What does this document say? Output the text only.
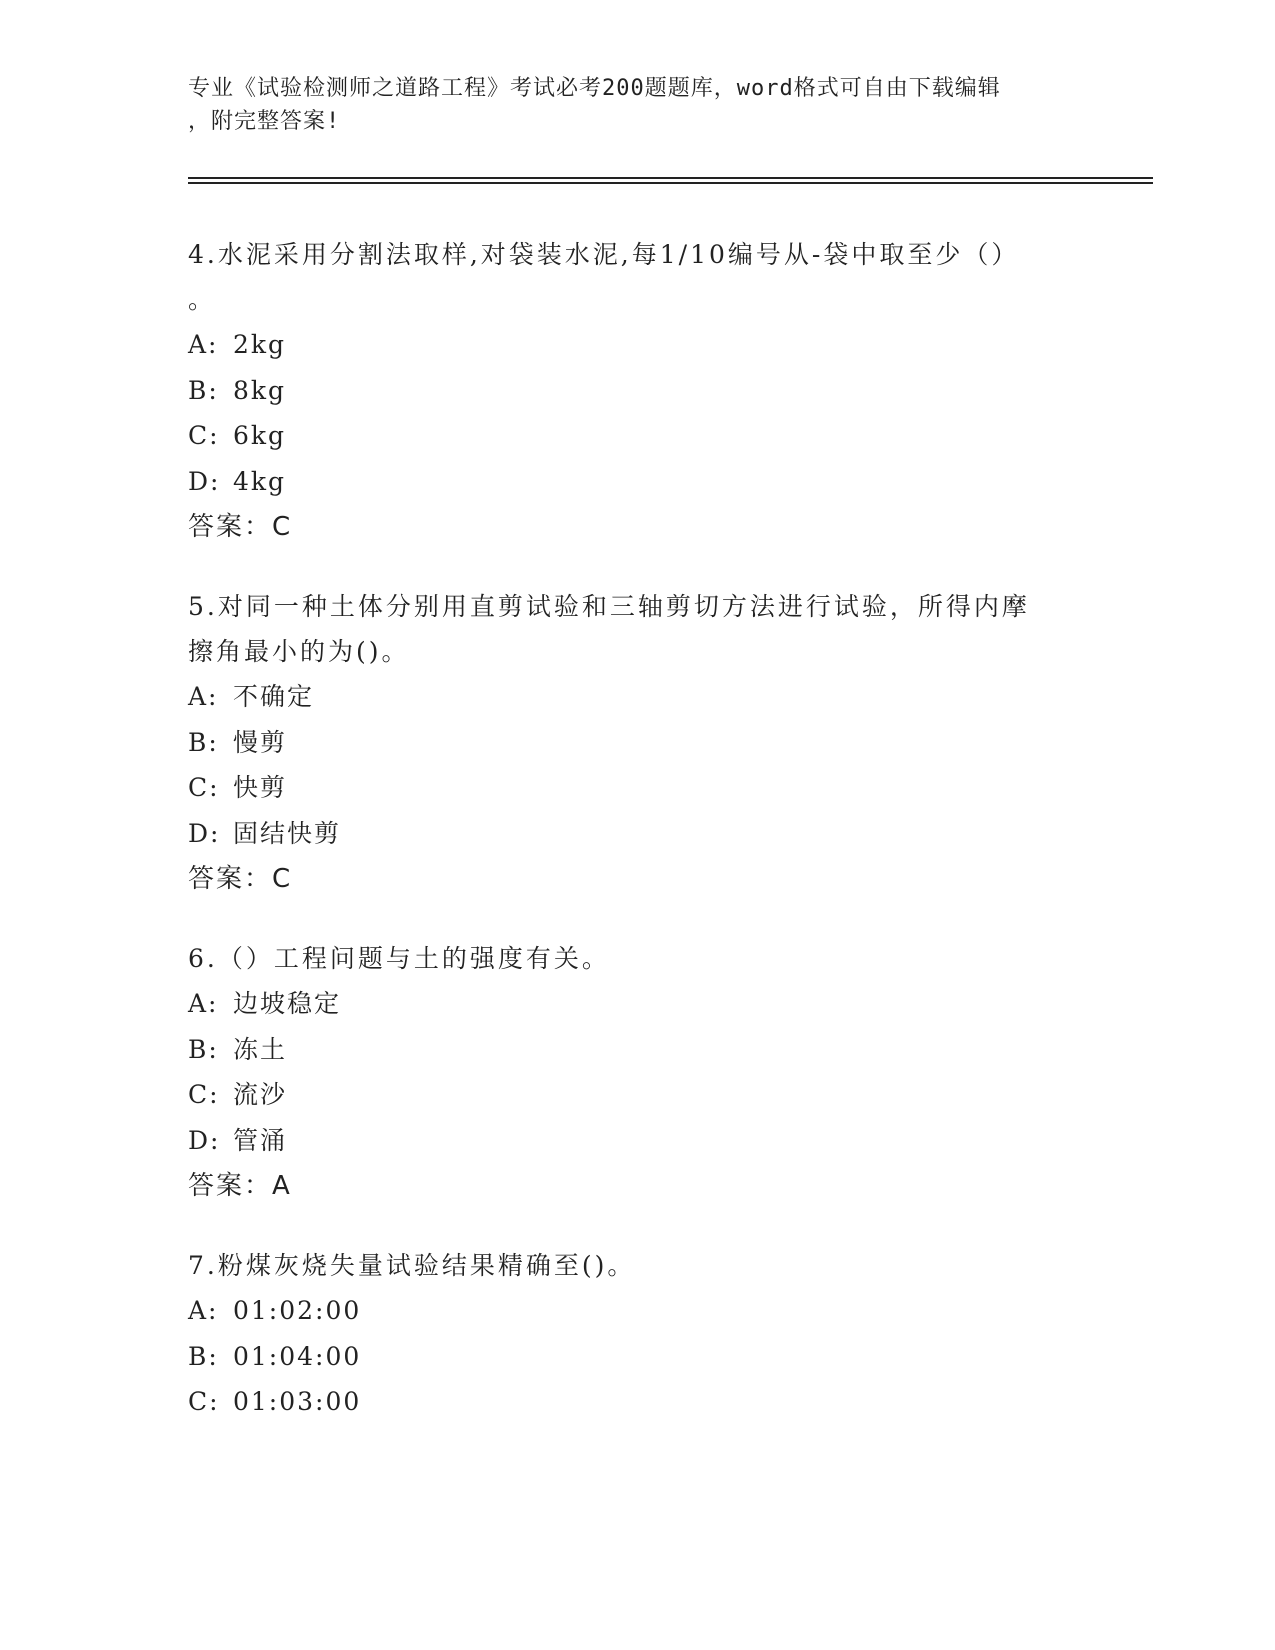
专业《试验检测师之道路工程》考试必考200题题库，word格式可自由下载编辑
，附完整答案!
4.水泥采用分割法取样,对袋装水泥,每1/10编号从-袋中取至少（）
。
A: 2kg
B: 8kg
C: 6kg
D: 4kg
答案：C
5.对同一种土体分别用直剪试验和三轴剪切方法进行试验，所得内摩
擦角最小的为()。
A: 不确定
B: 慢剪
C: 快剪
D: 固结快剪
答案：C
6.（）工程问题与土的强度有关。
A: 边坡稳定
B: 冻土
C: 流沙
D: 管涌
答案：A
7.粉煤灰烧失量试验结果精确至()。
A: 01:02:00
B: 01:04:00
C: 01:03:00
